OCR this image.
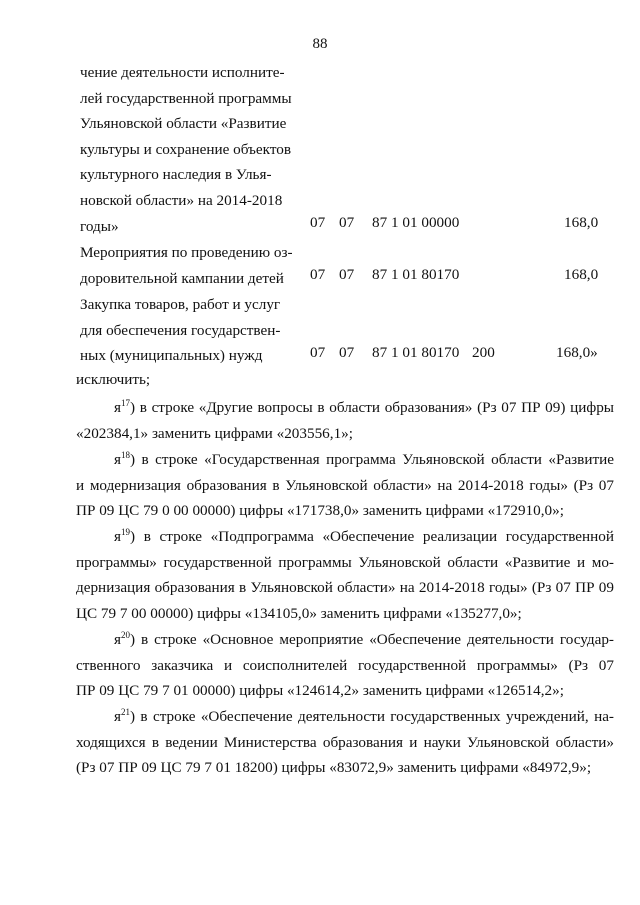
88
чение деятельности исполните-
лей государственной программы
Ульяновской области «Развитие
культуры и сохранение объектов
культурного наследия в Улья-
новской области» на 2014-2018
годы»	07 07 87 1 01 00000	168,0
Мероприятия по проведению оз-
доровительной кампании детей	07 07 87 1 01 80170	168,0
Закупка товаров, работ и услуг
для обеспечения государствен-
ных (муниципальных) нужд	07 07 87 1 01 80170 200	168,0»
исключить;
$я^{17}$) в строке «Другие вопросы в области образования» (Рз 07 ПР 09) цифры
«202384,1» заменить цифрами «203556,1»;
$я^{18}$) в строке «Государственная программа Ульяновской области «Развитие
и модернизация образования в Ульяновской области» на 2014-2018 годы» (Рз 07
ПР 09 ЦС 79 0 00 00000) цифры «171738,0» заменить цифрами «172910,0»;
$я^{19}$) в строке «Подпрограмма «Обеспечение реализации государственной
программы» государственной программы Ульяновской области «Развитие и мо-
дернизация образования в Ульяновской области» на 2014-2018 годы» (Рз 07 ПР 09
ЦС 79 7 00 00000) цифры «134105,0» заменить цифрами «135277,0»;
$я^{20}$) в строке «Основное мероприятие «Обеспечение деятельности государ-
ственного заказчика и соисполнителей государственной программы» (Рз 07
ПР 09 ЦС 79 7 01 00000) цифры «124614,2» заменить цифрами «126514,2»;
$я^{21}$) в строке «Обеспечение деятельности государственных учреждений, на-
ходящихся в ведении Министерства образования и науки Ульяновской области»
(Рз 07 ПР 09 ЦС 79 7 01 18200) цифры «83072,9» заменить цифрами «84972,9»;
